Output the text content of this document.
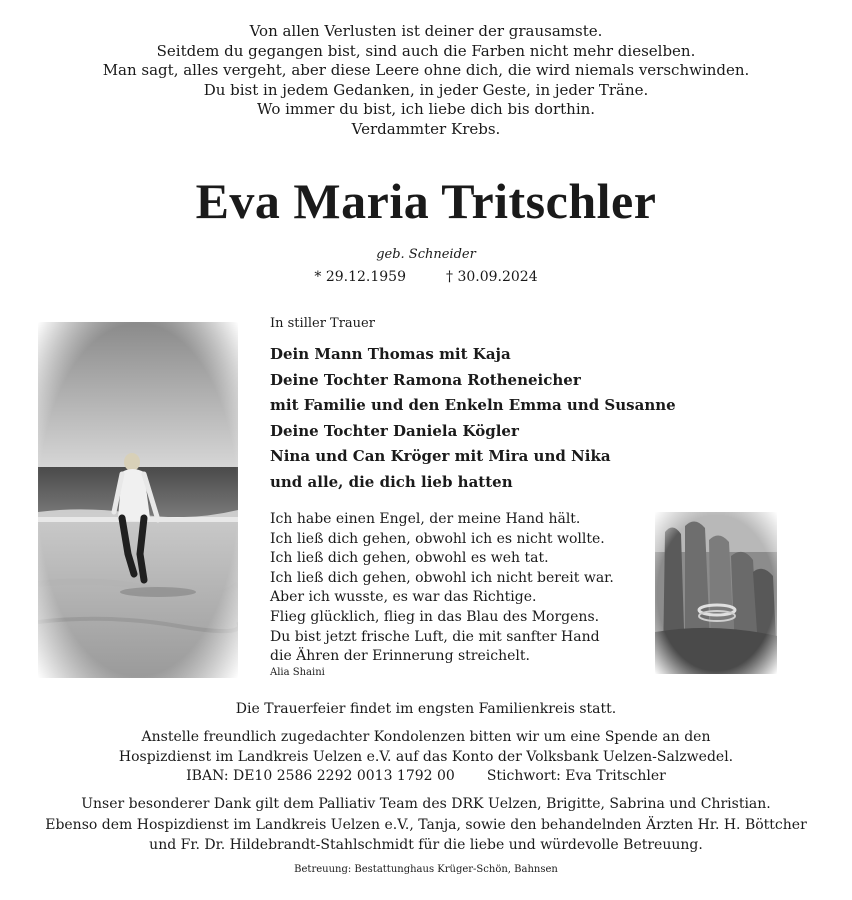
Von allen Verlusten ist deiner der grausamste.
Seitdem du gegangen bist, sind auch die Farben nicht mehr dieselben.
Man sagt, alles vergeht, aber diese Leere ohne dich, die wird niemals verschwinden.
Du bist in jedem Gedanken, in jeder Geste, in jeder Träne.
Wo immer du bist, ich liebe dich bis dorthin.
Verdammter Krebs.
Eva Maria Tritschler
geb. Schneider
* 29.12.1959	† 30.09.2024
In stiller Trauer
Dein Mann Thomas mit Kaja
Deine Tochter Ramona Rotheneicher
mit Familie und den Enkeln Emma und Susanne
Deine Tochter Daniela Kögler
Nina und Can Kröger mit Mira und Nika
und alle, die dich lieb hatten
Ich habe einen Engel, der meine Hand hält.
Ich ließ dich gehen, obwohl ich es nicht wollte.
Ich ließ dich gehen, obwohl es weh tat.
Ich ließ dich gehen, obwohl ich nicht bereit war.
Aber ich wusste, es war das Richtige.
Flieg glücklich, flieg in das Blau des Morgens.
Du bist jetzt frische Luft, die mit sanfter Hand
die Ähren der Erinnerung streichelt.
Alia Shaini
Die Trauerfeier findet im engsten Familienkreis statt.
Anstelle freundlich zugedachter Kondolenzen bitten wir um eine Spende an den
Hospizdienst im Landkreis Uelzen e.V. auf das Konto der Volksbank Uelzen-Salzwedel.
IBAN: DE10 2586 2292 0013 1792 00 Stichwort: Eva Tritschler
Unser besonderer Dank gilt dem Palliativ Team des DRK Uelzen, Brigitte, Sabrina und Christian.
Ebenso dem Hospizdienst im Landkreis Uelzen e.V., Tanja, sowie den behandelnden Ärzten Hr. H. Böttcher
und Fr. Dr. Hildebrandt-Stahlschmidt für die liebe und würdevolle Betreuung.
Betreuung: Bestattunghaus Krüger-Schön, Bahnsen
